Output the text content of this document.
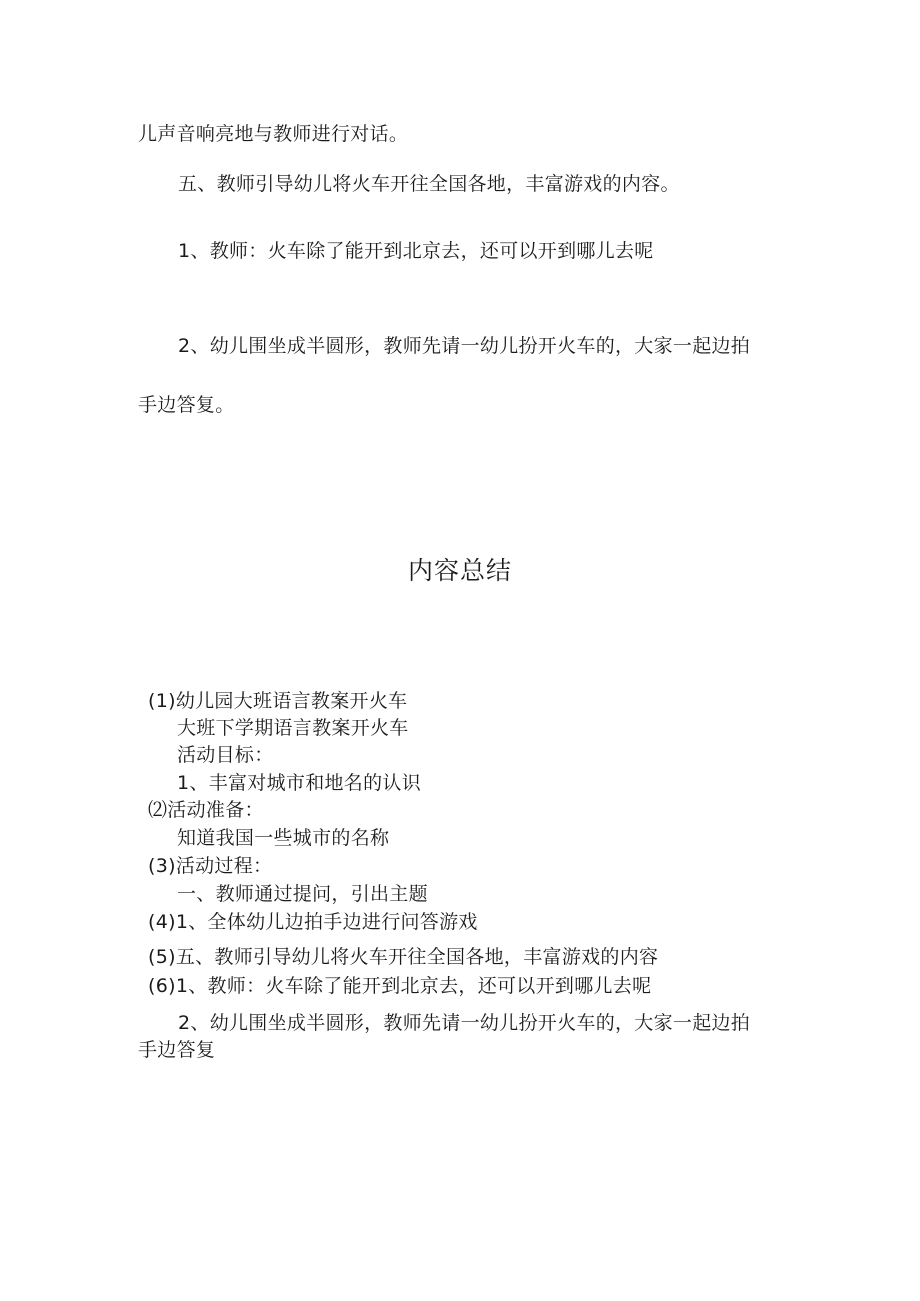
儿声音响亮地与教师进行对话。
五、教师引导幼儿将火车开往全国各地，丰富游戏的内容。
1、教师：火车除了能开到北京去，还可以开到哪儿去呢
2、幼儿围坐成半圆形，教师先请一幼儿扮开火车的，大家一起边拍
手边答复。
内容总结
(1)幼儿园大班语言教案开火车
大班下学期语言教案开火车
活动目标：
1、丰富对城市和地名的认识
⑵活动准备：
知道我国一些城市的名称
(3)活动过程：
一、教师通过提问，引出主题
(4)1、全体幼儿边拍手边进行问答游戏
(5)五、教师引导幼儿将火车开往全国各地，丰富游戏的内容
(6)1、教师：火车除了能开到北京去，还可以开到哪儿去呢
2、幼儿围坐成半圆形，教师先请一幼儿扮开火车的，大家一起边拍
手边答复
